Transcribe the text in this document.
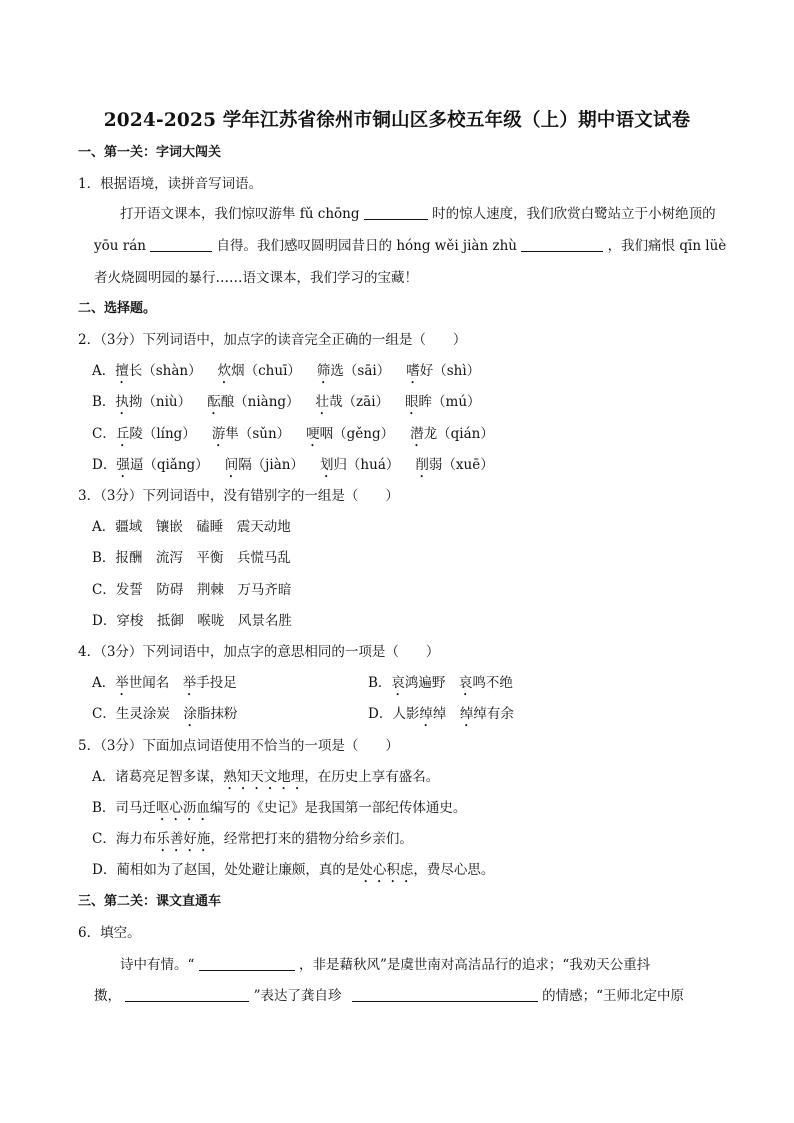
2024-2025 学年江苏省徐州市铜山区多校五年级（上）期中语文试卷
一、第一关：字词大闯关
1．根据语境，读拼音写词语。
打开语文课本，我们惊叹游隼 fǔ chōng	时的惊人速度，我们欣赏白鹭站立于小树绝顶的
yōu rán	自得。我们感叹圆明园昔日的 hóng wěi jiàn zhù	，我们痛恨 qīn lüè
者火烧圆明园的暴行……语文课本，我们学习的宝藏！
二、选择题。
2．（3分）下列词语中，加点字的读音完全正确的一组是（　　）
A．擅长（shàn） 炊烟（chuī） 筛选（sāi） 嗜好（shì）
B．执拗（niù） 酝酿（niàng） 壮哉（zāi） 眼眸（mú）
C．丘陵（líng） 游隼（sǔn） 哽咽（gěng） 潜龙（qián）
D．强逼（qiǎng） 间隔（jiàn） 划归（huá） 削弱（xuē）
3．（3分）下列词语中，没有错别字的一组是（　　）
A．疆域　镶嵌　磕睡　震天动地
B．报酬　流泻　平衡　兵慌马乱
C．发誓　防碍　荆棘　万马齐暗
D．穿梭　抵御　喉咙　风景名胜
4．（3分）下列词语中，加点字的意思相同的一项是（　　）
A．举世闻名　举手投足	B．哀鸿遍野　哀鸣不绝
C．生灵涂炭　涂脂抹粉	D．人影绰绰　绰绰有余
5．（3分）下面加点词语使用不恰当的一项是（　　）
A．诸葛亮足智多谋，熟知天文地理，在历史上享有盛名。
B．司马迁呕心沥血编写的《史记》是我国第一部纪传体通史。
C．海力布乐善好施，经常把打来的猎物分给乡亲们。
D．蔺相如为了赵国，处处避让廉颇，真的是处心积虑，费尽心思。
三、第二关：课文直通车
6．填空。
诗中有情。“	，非是藉秋风”是虞世南对高洁品行的追求；“我劝天公重抖
擞，	”表达了龚自珍	的情感；“王师北定中原
